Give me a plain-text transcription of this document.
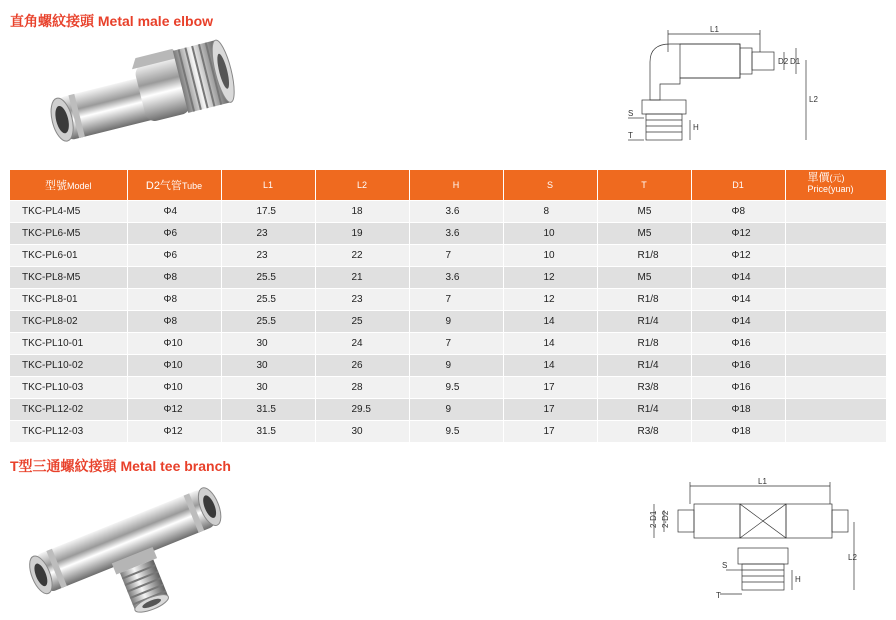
直角螺紋接頭 Metal male elbow
L1
D2 D1
L2
S
H
T
型號Model	D2气管Tube	L1	L2	H	S	T	D1	單價(元)
Price(yuan)
TKC-PL4-M5	Φ4	17.5	18	3.6	8	M5	Φ8	
TKC-PL6-M5	Φ6	23	19	3.6	10	M5	Φ12	
TKC-PL6-01	Φ6	23	22	7	10	R1/8	Φ12	
TKC-PL8-M5	Φ8	25.5	21	3.6	12	M5	Φ14	
TKC-PL8-01	Φ8	25.5	23	7	12	R1/8	Φ14	
TKC-PL8-02	Φ8	25.5	25	9	14	R1/4	Φ14	
TKC-PL10-01	Φ10	30	24	7	14	R1/8	Φ16	
TKC-PL10-02	Φ10	30	26	9	14	R1/4	Φ16	
TKC-PL10-03	Φ10	30	28	9.5	17	R3/8	Φ16	
TKC-PL12-02	Φ12	31.5	29.5	9	17	R1/4	Φ18	
TKC-PL12-03	Φ12	31.5	30	9.5	17	R3/8	Φ18	
T型三通螺紋接頭 Metal tee branch
L1
2-D1 2-D2
L2
S
H
T
